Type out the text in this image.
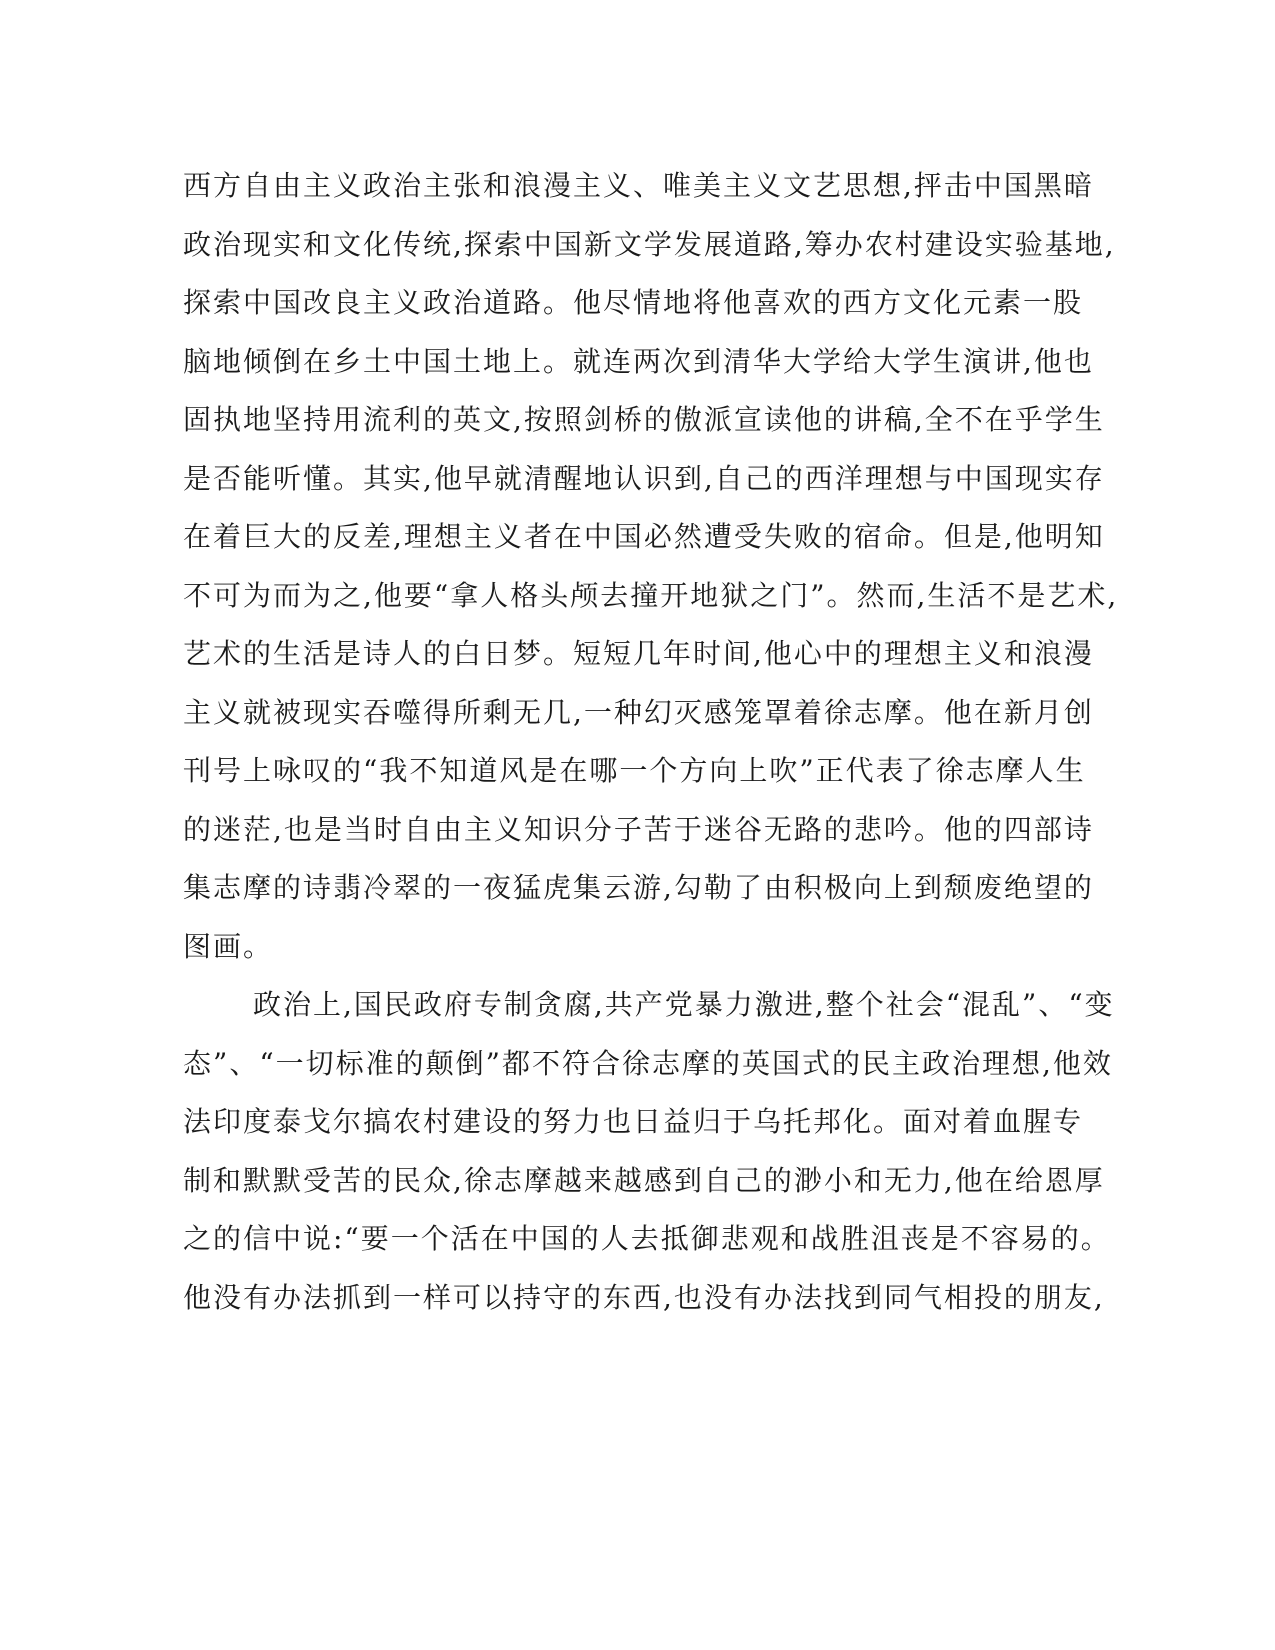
西方自由主义政治主张和浪漫主义、唯美主义文艺思想,抨击中国黑暗
政治现实和文化传统,探索中国新文学发展道路,筹办农村建设实验基地,
探索中国改良主义政治道路。他尽情地将他喜欢的西方文化元素一股
脑地倾倒在乡土中国土地上。就连两次到清华大学给大学生演讲,他也
固执地坚持用流利的英文,按照剑桥的傲派宣读他的讲稿,全不在乎学生
是否能听懂。其实,他早就清醒地认识到,自己的西洋理想与中国现实存
在着巨大的反差,理想主义者在中国必然遭受失败的宿命。但是,他明知
不可为而为之,他要“拿人格头颅去撞开地狱之门”。然而,生活不是艺术,
艺术的生活是诗人的白日梦。短短几年时间,他心中的理想主义和浪漫
主义就被现实吞噬得所剩无几,一种幻灭感笼罩着徐志摩。他在新月创
刊号上咏叹的“我不知道风是在哪一个方向上吹”正代表了徐志摩人生
的迷茫,也是当时自由主义知识分子苦于迷谷无路的悲吟。他的四部诗
集志摩的诗翡冷翠的一夜猛虎集云游,勾勒了由积极向上到颓废绝望的
图画。
政治上,国民政府专制贪腐,共产党暴力激进,整个社会“混乱”、“变
态”、“一切标准的颠倒”都不符合徐志摩的英国式的民主政治理想,他效
法印度泰戈尔搞农村建设的努力也日益归于乌托邦化。面对着血腥专
制和默默受苦的民众,徐志摩越来越感到自己的渺小和无力,他在给恩厚
之的信中说:“要一个活在中国的人去抵御悲观和战胜沮丧是不容易的。
他没有办法抓到一样可以持守的东西,也没有办法找到同气相投的朋友,
